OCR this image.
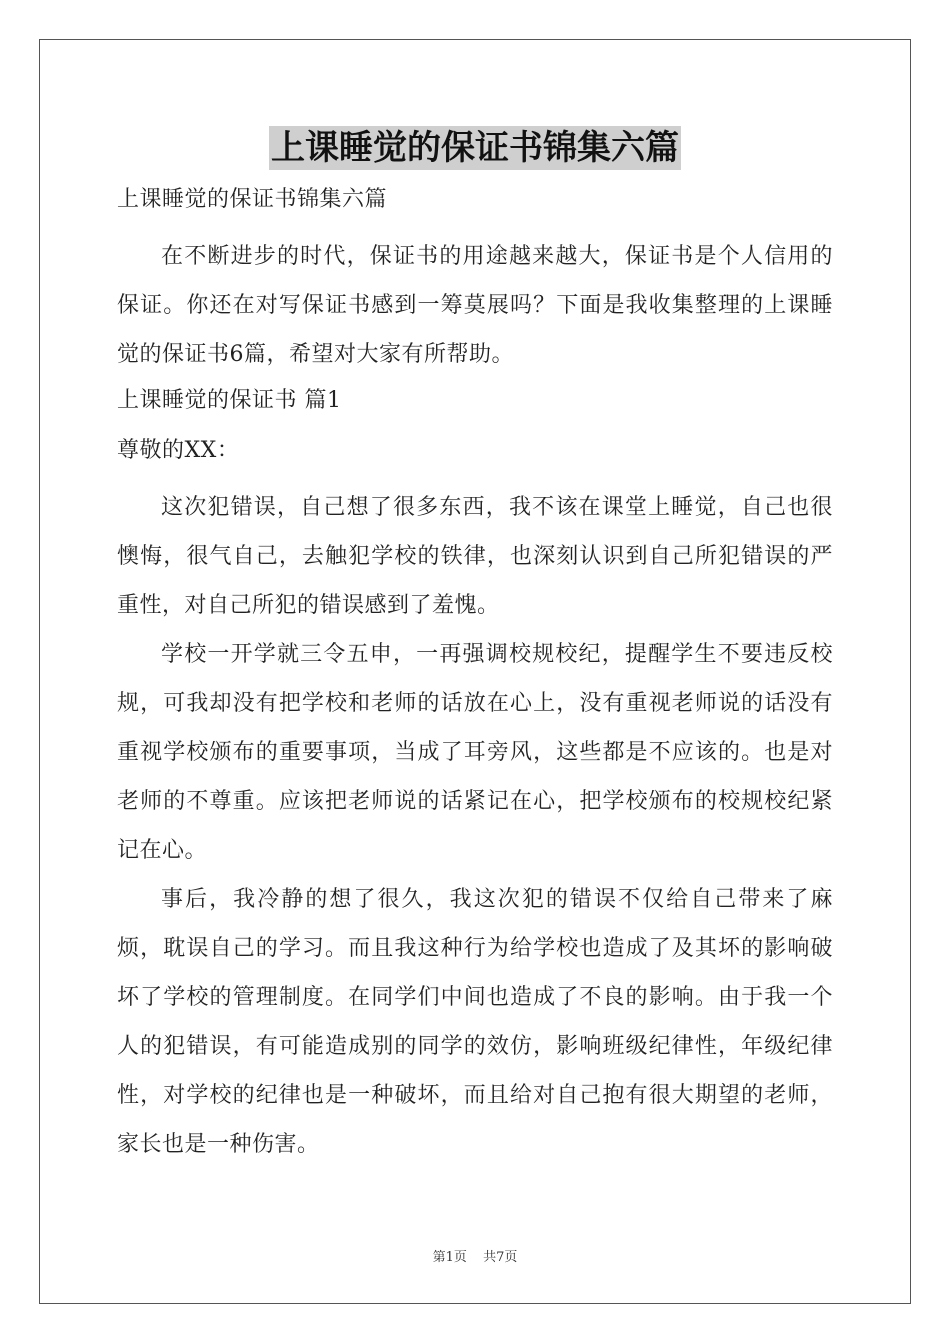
上课睡觉的保证书锦集六篇
上课睡觉的保证书锦集六篇

在不断进步的时代，保证书的用途越来越大，保证书是个人信用的保证。你还在对写保证书感到一筹莫展吗？下面是我收集整理的上课睡觉的保证书6篇，希望对大家有所帮助。

上课睡觉的保证书 篇1
尊敬的XX：

这次犯错误，自己想了很多东西，我不该在课堂上睡觉，自己也很懊悔，很气自己，去触犯学校的铁律，也深刻认识到自己所犯错误的严重性，对自己所犯的错误感到了羞愧。

学校一开学就三令五申，一再强调校规校纪，提醒学生不要违反校规，可我却没有把学校和老师的话放在心上，没有重视老师说的话没有重视学校颁布的重要事项，当成了耳旁风，这些都是不应该的。也是对老师的不尊重。应该把老师说的话紧记在心，把学校颁布的校规校纪紧记在心。

事后，我冷静的想了很久，我这次犯的错误不仅给自己带来了麻烦，耽误自己的学习。而且我这种行为给学校也造成了及其坏的影响破坏了学校的管理制度。在同学们中间也造成了不良的影响。由于我一个人的犯错误，有可能造成别的同学的效仿，影响班级纪律性，年级纪律性，对学校的纪律也是一种破坏，而且给对自己抱有很大期望的老师，家长也是一种伤害。

第1页 共7页
